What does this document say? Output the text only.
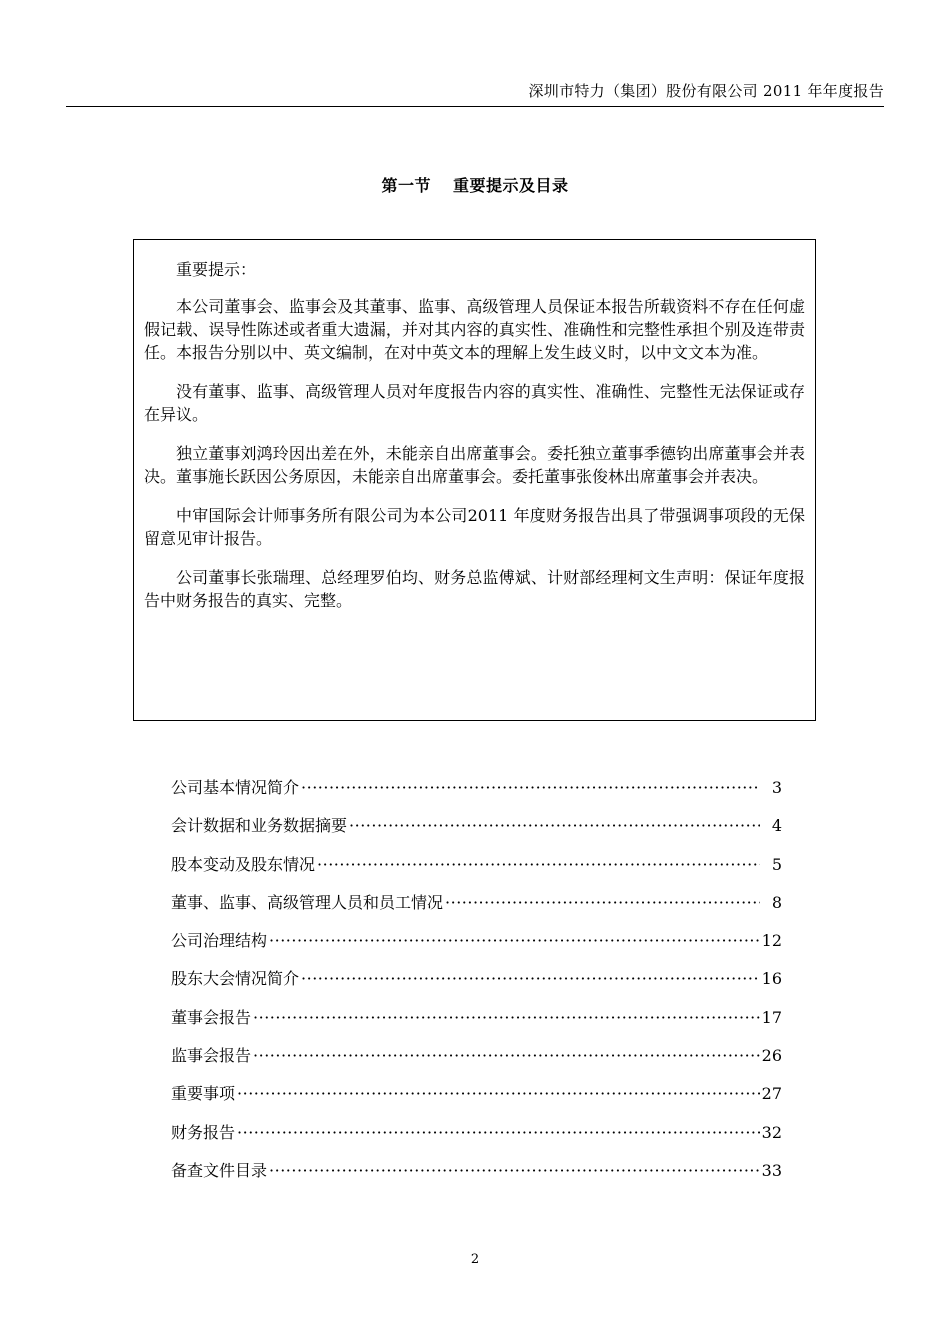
深圳市特力（集团）股份有限公司 2011 年年度报告
第一节 重要提示及目录

重要提示：

本公司董事会、监事会及其董事、监事、高级管理人员保证本报告所载资料不存在任何虚假记载、误导性陈述或者重大遗漏，并对其内容的真实性、准确性和完整性承担个别及连带责任。本报告分别以中、英文编制，在对中英文本的理解上发生歧义时，以中文文本为准。

没有董事、监事、高级管理人员对年度报告内容的真实性、准确性、完整性无法保证或存在异议。

独立董事刘鸿玲因出差在外，未能亲自出席董事会。委托独立董事季德钧出席董事会并表决。董事施长跃因公务原因，未能亲自出席董事会。委托董事张俊林出席董事会并表决。

中审国际会计师事务所有限公司为本公司2011 年度财务报告出具了带强调事项段的无保留意见审计报告。

公司董事长张瑞理、总经理罗伯均、财务总监傅斌、计财部经理柯文生声明：保证年度报告中财务报告的真实、完整。

公司基本情况简介 ·····	3
会计数据和业务数据摘要 ·····	4
股本变动及股东情况 ·····	5
董事、监事、高级管理人员和员工情况 ·····	8
公司治理结构 ·····	12
股东大会情况简介 ·····	16
董事会报告 ·····	17
监事会报告 ·····	26
重要事项 ·····	27
财务报告 ·····	32
备查文件目录 ·····	33
2
